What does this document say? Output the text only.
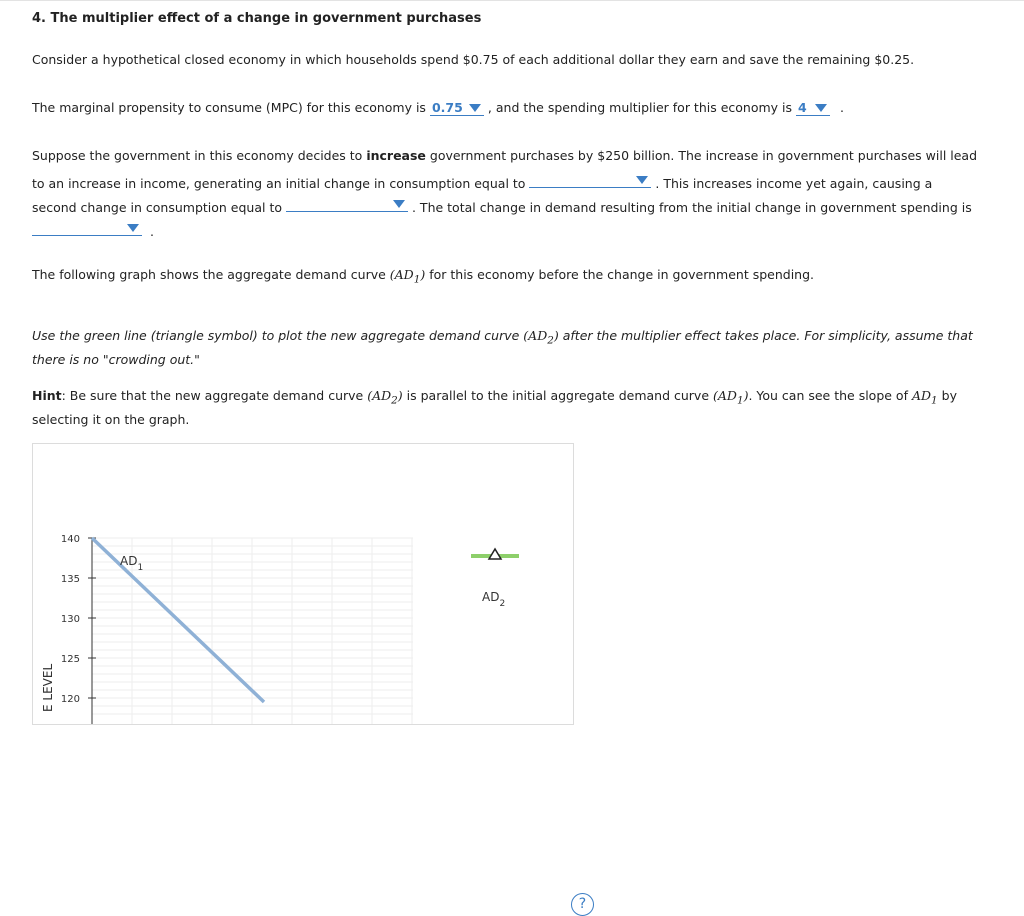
4. The multiplier effect of a change in government purchases
Consider a hypothetical closed economy in which households spend $0.75 of each additional dollar they earn and save the remaining $0.25.
The marginal propensity to consume (MPC) for this economy is 0.75 , and the spending multiplier for this economy is 4	.
Suppose the government in this economy decides to increase government purchases by $250 billion. The increase in government purchases will lead
to an increase in income, generating an initial change in consumption equal to	. This increases income yet again, causing a
second change in consumption equal to	. The total change in demand resulting from the initial change in government spending is
.
The following graph shows the aggregate demand curve $(AD_1)$ for this economy before the change in government spending.
Use the green line (triangle symbol) to plot the new aggregate demand curve $(AD_2)$ after the multiplier effect takes place. For simplicity, assume that
there is no "crowding out."
Hint: Be sure that the new aggregate demand curve $(AD_2)$ is parallel to the initial aggregate demand curve $(AD_1)$. You can see the slope of $AD_1$ by
selecting it on the graph.
140
135
130
125
120
E LEVEL
$AD_1$
$AD_2$
?
